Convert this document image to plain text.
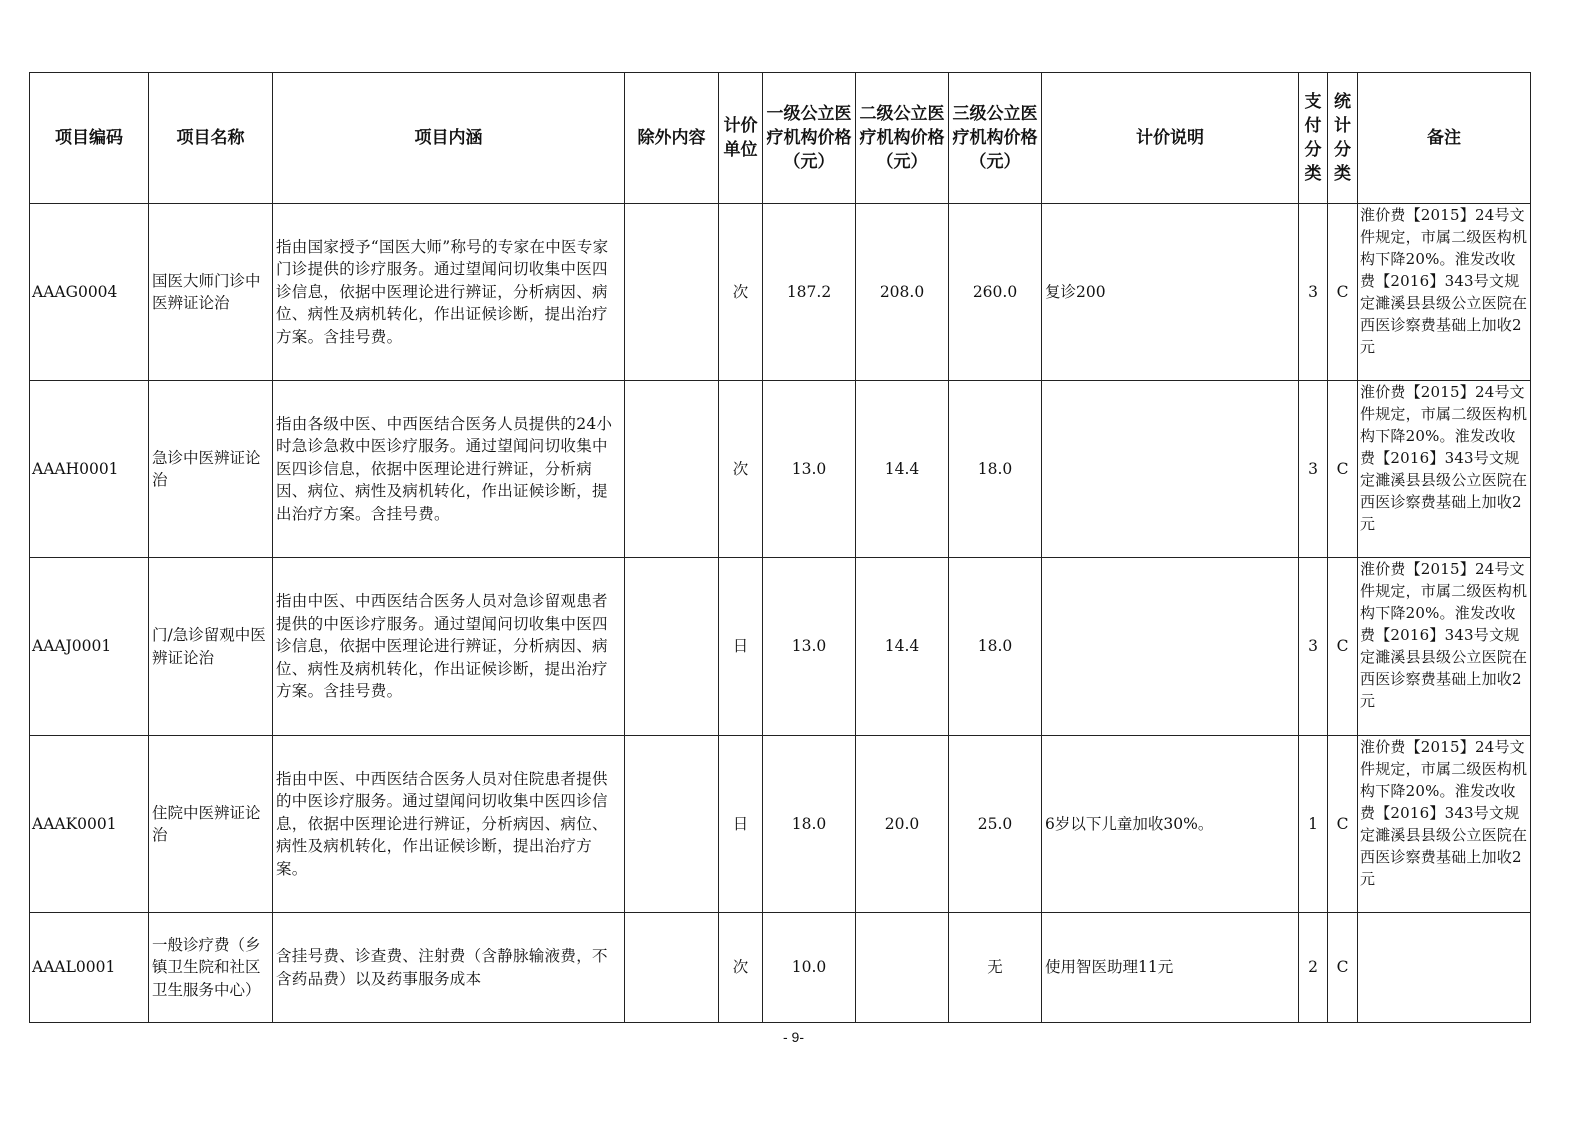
项目编码	项目名称	项目内涵	除外内容	计价单位	一级公立医疗机构价格（元）	二级公立医疗机构价格（元）	三级公立医疗机构价格（元）	计价说明	支付分类	统计分类	备注
AAAG0004	国医大师门诊中医辨证论治	指由国家授予“国医大师”称号的专家在中医专家门诊提供的诊疗服务。通过望闻问切收集中医四诊信息，依据中医理论进行辨证，分析病因、病位、病性及病机转化，作出证候诊断，提出治疗方案。含挂号费。		次	187.2	208.0	260.0	复诊200	3	C	淮价费【2015】24号文件规定，市属二级医构机构下降20%。淮发改收费【2016】343号文规定濉溪县县级公立医院在西医诊察费基础上加收2元

AAAH0001	急诊中医辨证论治	指由各级中医、中西医结合医务人员提供的24小时急诊急救中医诊疗服务。通过望闻问切收集中医四诊信息，依据中医理论进行辨证，分析病因、病位、病性及病机转化，作出证候诊断，提出治疗方案。含挂号费。		次	13.0	14.4	18.0		3	C	淮价费【2015】24号文件规定，市属二级医构机构下降20%。淮发改收费【2016】343号文规定濉溪县县级公立医院在西医诊察费基础上加收2元

AAAJ0001	门/急诊留观中医辨证论治	指由中医、中西医结合医务人员对急诊留观患者提供的中医诊疗服务。通过望闻问切收集中医四诊信息，依据中医理论进行辨证，分析病因、病位、病性及病机转化，作出证候诊断，提出治疗方案。含挂号费。		日	13.0	14.4	18.0		3	C	淮价费【2015】24号文件规定，市属二级医构机构下降20%。淮发改收费【2016】343号文规定濉溪县县级公立医院在西医诊察费基础上加收2元

AAAK0001	住院中医辨证论治	指由中医、中西医结合医务人员对住院患者提供的中医诊疗服务。通过望闻问切收集中医四诊信息，依据中医理论进行辨证，分析病因、病位、病性及病机转化，作出证候诊断，提出治疗方案。		日	18.0	20.0	25.0	6岁以下儿童加收30%。	1	C	淮价费【2015】24号文件规定，市属二级医构机构下降20%。淮发改收费【2016】343号文规定濉溪县县级公立医院在西医诊察费基础上加收2元

AAAL0001	一般诊疗费（乡镇卫生院和社区卫生服务中心）	含挂号费、诊查费、注射费（含静脉输液费，不含药品费）以及药事服务成本		次	10.0		无	使用智医助理11元	2	C	
- 9-
